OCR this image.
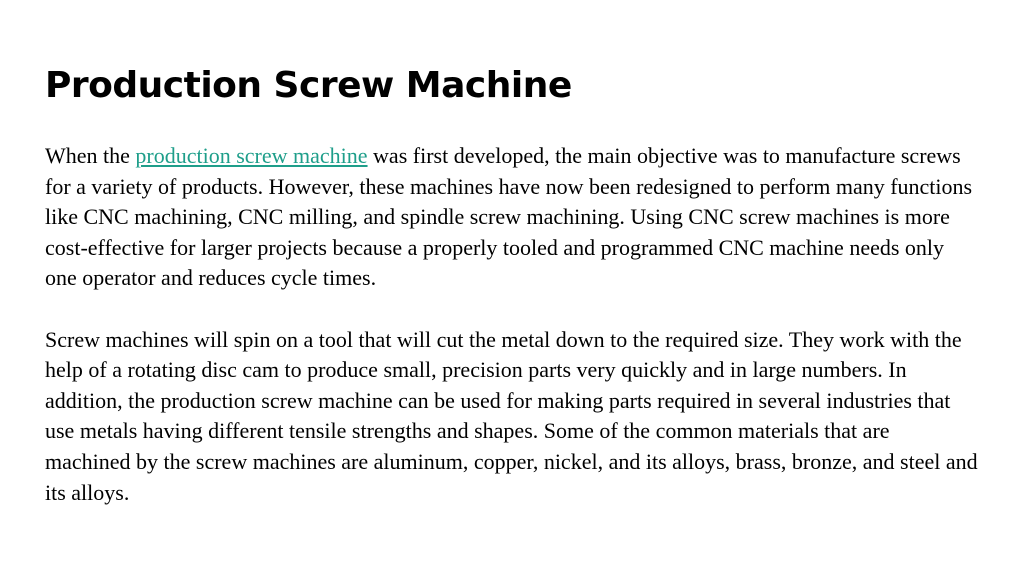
Production Screw Machine

When the production screw machine was first developed, the main objective was to manufacture screws for a variety of products. However, these machines have now been redesigned to perform many functions like CNC machining, CNC milling, and spindle screw machining. Using CNC screw machines is more cost-effective for larger projects because a properly tooled and programmed CNC machine needs only one operator and reduces cycle times.

Screw machines will spin on a tool that will cut the metal down to the required size. They work with the help of a rotating disc cam to produce small, precision parts very quickly and in large numbers. In addition, the production screw machine can be used for making parts required in several industries that use metals having different tensile strengths and shapes. Some of the common materials that are machined by the screw machines are aluminum, copper, nickel, and its alloys, brass, bronze, and steel and its alloys.
